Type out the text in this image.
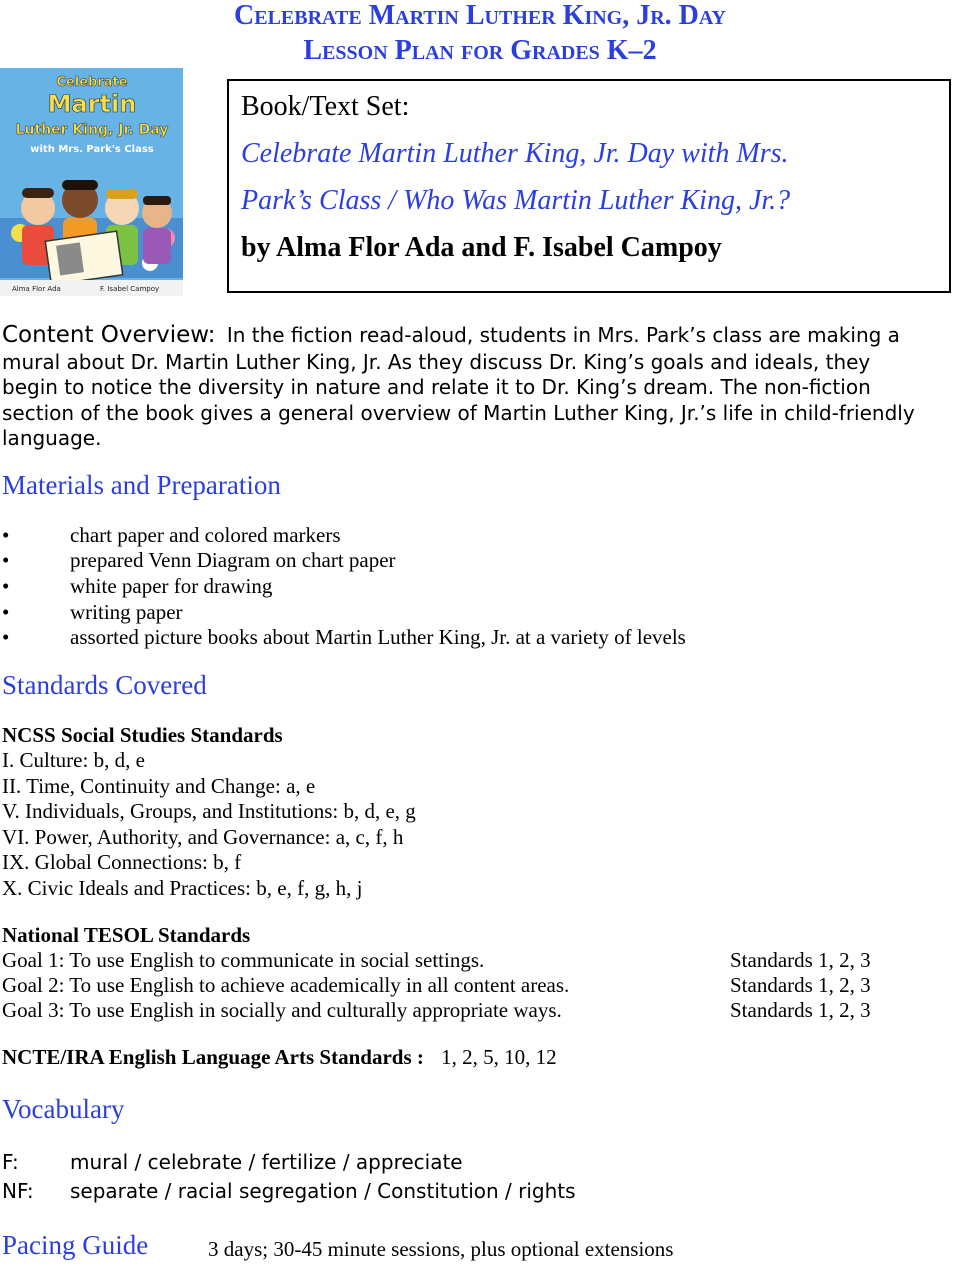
Celebrate Martin Luther King, Jr. Day
Lesson Plan for Grades K–2
Alma Flor Ada	F. Isabel Campoy
Celebrate
Martin
Luther King, Jr. Day
with Mrs. Park's Class
Book/Text Set:
Celebrate Martin Luther King, Jr. Day with Mrs.
Park’s Class / Who Was Martin Luther King, Jr.?
by Alma Flor Ada and F. Isabel Campoy
Content Overview: In the fiction read-aloud, students in Mrs. Park’s class are making a
mural about Dr. Martin Luther King, Jr. As they discuss Dr. King’s goals and ideals, they
begin to notice the diversity in nature and relate it to Dr. King’s dream. The non-fiction
section of the book gives a general overview of Martin Luther King, Jr.’s life in child-friendly
language.
Materials and Preparation
•	chart paper and colored markers
•	prepared Venn Diagram on chart paper
•	white paper for drawing
•	writing paper
•	assorted picture books about Martin Luther King, Jr. at a variety of levels
Standards Covered
NCSS Social Studies Standards
I. Culture: b, d, e
II. Time, Continuity and Change: a, e
V. Individuals, Groups, and Institutions: b, d, e, g
VI. Power, Authority, and Governance: a, c, f, h
IX. Global Connections: b, f
X. Civic Ideals and Practices: b, e, f, g, h, j
National TESOL Standards
Goal 1: To use English to communicate in social settings.	Standards 1, 2, 3
Goal 2: To use English to achieve academically in all content areas.	Standards 1, 2, 3
Goal 3: To use English in socially and culturally appropriate ways.	Standards 1, 2, 3
NCTE/IRA English Language Arts Standards : 1, 2, 5, 10, 12
Vocabulary
F:	mural / celebrate / fertilize / appreciate
NF: separate / racial segregation / Constitution / rights
Pacing Guide	3 days; 30-45 minute sessions, plus optional extensions
